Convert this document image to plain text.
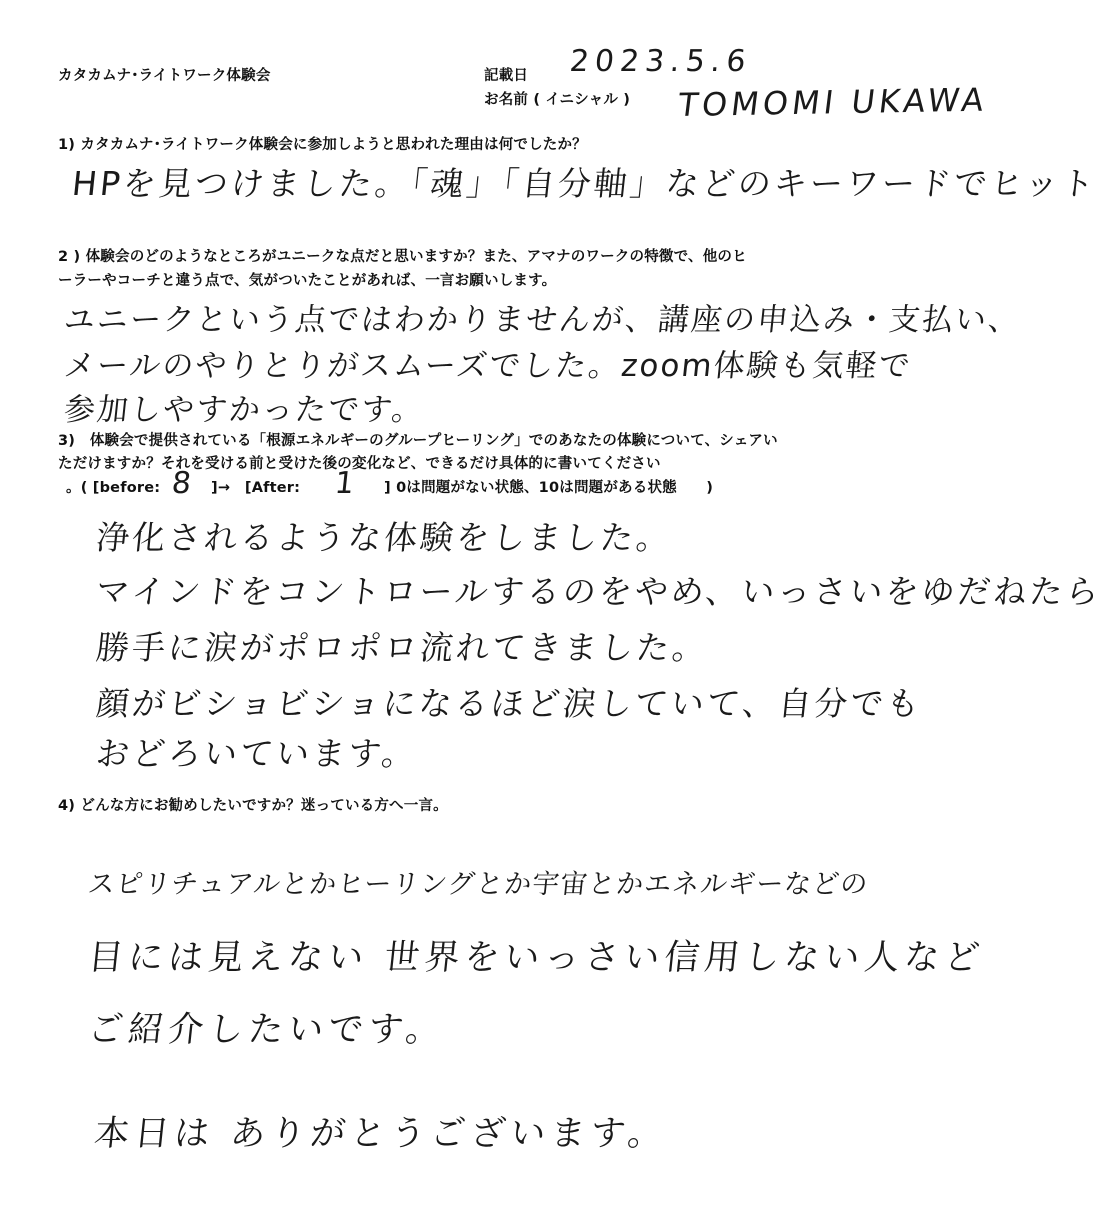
カタカムナ･ライトワーク体験会	記載日 2023.5.6
お名前 ( イニシャル ) TOMOMI UKAWA
1) カタカムナ･ライトワーク体験会に参加しようと思われた理由は何でしたか？
HPを見つけました。「魂」「自分軸」などのキーワードでヒット
2 ) 体験会のどのようなところがユニークな点だと思いますか？また、アマナのワークの特徴で、他のヒ
ーラーやコーチと違う点で、気がついたことがあれば、一言お願いします。
ユニークという点ではわかりませんが、講座の申込み・支払い、
メールのやりとりがスムーズでした。zoom体験も気軽で
参加しやすかったです。
3)　体験会で提供されている「根源エネルギーのグループヒーリング」でのあなたの体験について、シェアい
ただけますか？それを受ける前と受けた後の変化など、できるだけ具体的に書いてください
。( [before: 8 ]→　[After: 1 ] 0は問題がない状態、10は問題がある状態　　)
浄化されるような体験をしました。
マインドをコントロールするのをやめ、いっさいをゆだねたら
勝手に涙がポロポロ流れてきました。
顔がビショビショになるほど涙していて、自分でも
おどろいています。
4) どんな方にお勧めしたいですか？迷っている方へ一言。
スピリチュアルとかヒーリングとか宇宙とかエネルギーなどの
目には見えない 世界をいっさい信用しない人など
ご紹介したいです。
本日は ありがとうございます。
